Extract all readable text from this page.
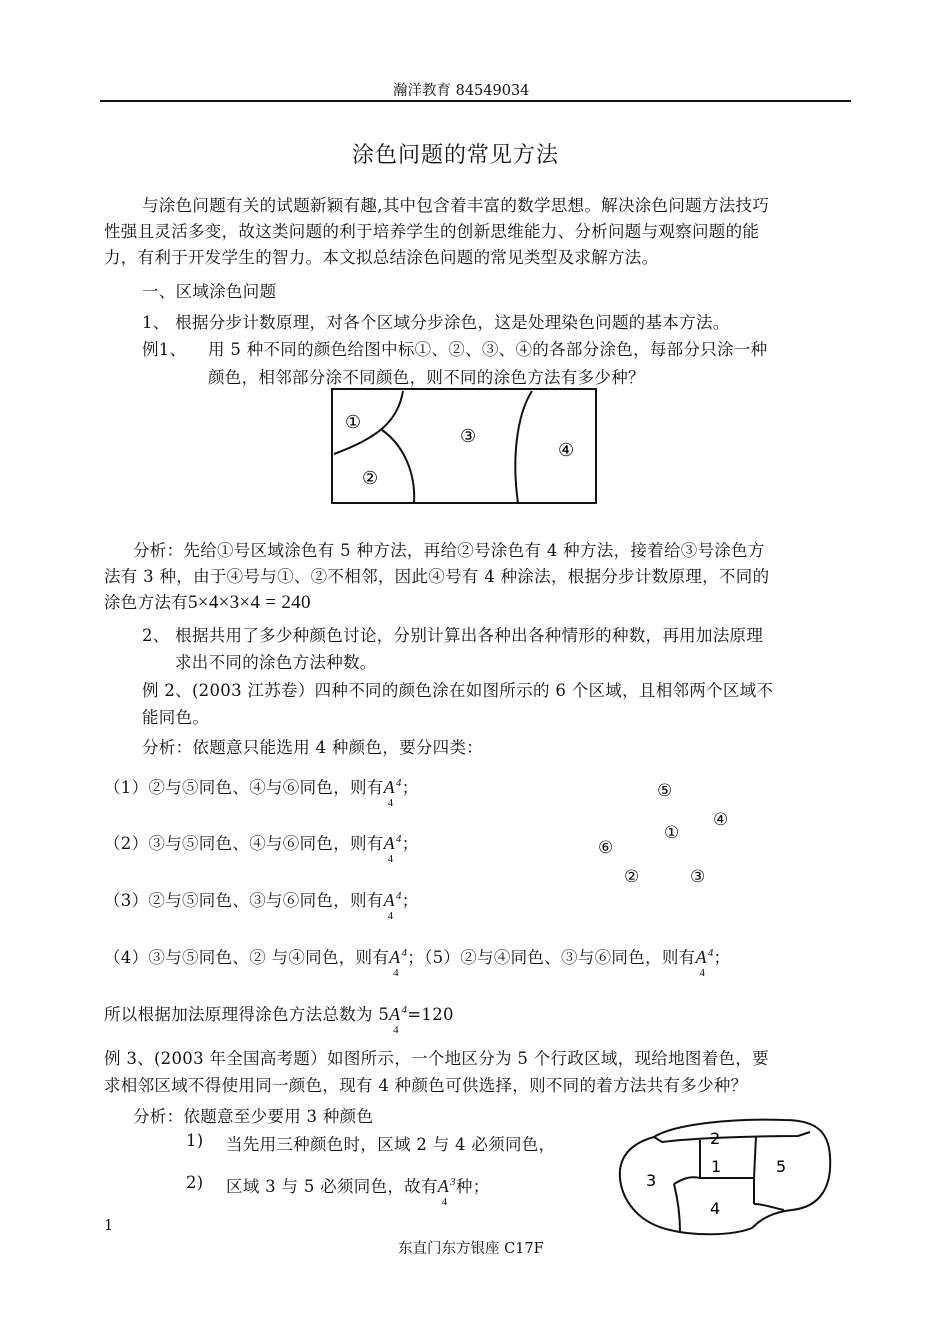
瀚洋教育 84549034
涂色问题的常见方法
与涂色问题有关的试题新颖有趣,其中包含着丰富的数学思想。解决涂色问题方法技巧
性强且灵活多变，故这类问题的利于培养学生的创新思维能力、分析问题与观察问题的能
力，有利于开发学生的智力。本文拟总结涂色问题的常见类型及求解方法。
一、区域涂色问题
1、 根据分步计数原理，对各个区域分步涂色，这是处理染色问题的基本方法。
例1、 用 5 种不同的颜色给图中标①、②、③、④的各部分涂色，每部分只涂一种
颜色，相邻部分涂不同颜色，则不同的涂色方法有多少种？
①
②
③
④
分析：先给①号区域涂色有 5 种方法，再给②号涂色有 4 种方法，接着给③号涂色方
法有 3 种，由于④号与①、②不相邻，因此④号有 4 种涂法，根据分步计数原理，不同的
涂色方法有5×4×3×4 = 240
2、 根据共用了多少种颜色讨论，分别计算出各种出各种情形的种数，再用加法原理
求出不同的涂色方法种数。
例 2、(2003 江苏卷）四种不同的颜色涂在如图所示的 6 个区域，且相邻两个区域不
能同色。
分析：依题意只能选用 4 种颜色，要分四类：
（1）②与⑤同色、④与⑥同色，则有$A^4$
4
；
（2）③与⑤同色、④与⑥同色，则有$A^4$
4
；
（3）②与⑤同色、③与⑥同色，则有$A^4$
4
；
（4）③与⑤同色、② 与④同色，则有$A^4$
4
；（5）②与④同色、③与⑥同色，则有$A^4$
4
；
⑤
④
①
⑥
②	③
所以根据加法原理得涂色方法总数为 $5A^4$
4
=120
例 3、(2003 年全国高考题）如图所示，一个地区分为 5 个行政区域，现给地图着色，要
求相邻区域不得使用同一颜色，现有 4 种颜色可供选择，则不同的着方法共有多少种？
分析：依题意至少要用 3 种颜色
1) 当先用三种颜色时，区域 2 与 4 必须同色，
2) 区域 3 与 5 必须同色，故有$A^3$
4
种；
2
1	5
3
4
1
东直门东方银座 C17F
